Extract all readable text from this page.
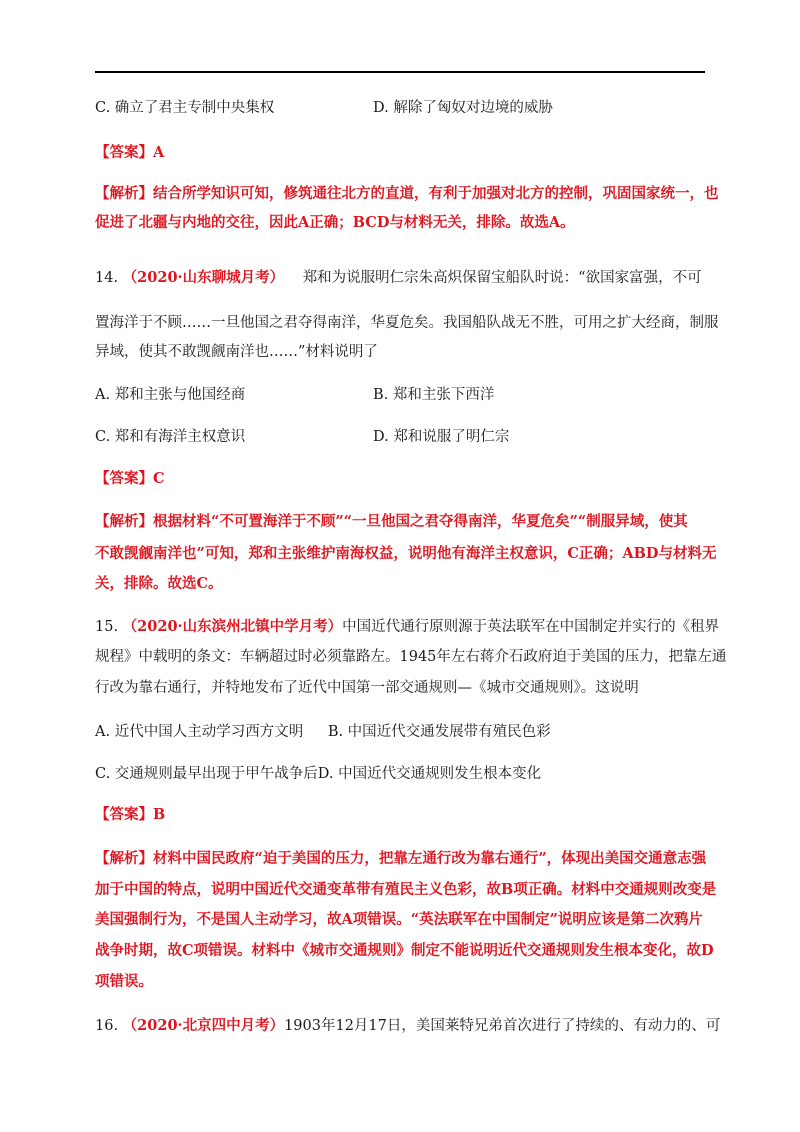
C. 确立了君主专制中央集权	D. 解除了匈奴对边境的威胁
【答案】A
【解析】结合所学知识可知，修筑通往北方的直道，有利于加强对北方的控制，巩固国家统一，也
促进了北疆与内地的交往，因此A正确；BCD与材料无关，排除。故选A。
14. （2020·山东聊城月考） 郑和为说服明仁宗朱高炽保留宝船队时说：“欲国家富强，不可
置海洋于不顾……一旦他国之君夺得南洋，华夏危矣。我国船队战无不胜，可用之扩大经商，制服
异域，使其不敢觊觎南洋也……”材料说明了
A. 郑和主张与他国经商	B. 郑和主张下西洋
C. 郑和有海洋主权意识	D. 郑和说服了明仁宗
【答案】C
【解析】根据材料“不可置海洋于不顾”“一旦他国之君夺得南洋，华夏危矣”“制服异域，使其
不敢觊觎南洋也”可知，郑和主张维护南海权益，说明他有海洋主权意识，C正确；ABD与材料无
关，排除。故选C。
15. （2020·山东滨州北镇中学月考）中国近代通行原则源于英法联军在中国制定并实行的《租界
规程》中载明的条文：车辆超过时必须靠路左。1945年左右蒋介石政府迫于美国的压力，把靠左通
行改为靠右通行，并特地发布了近代中国第一部交通规则—《城市交通规则》。这说明
A. 近代中国人主动学习西方文明 B. 中国近代交通发展带有殖民色彩
C. 交通规则最早出现于甲午战争后D. 中国近代交通规则发生根本变化
【答案】B
【解析】材料中国民政府“迫于美国的压力，把靠左通行改为靠右通行”，体现出美国交通意志强
加于中国的特点，说明中国近代交通变革带有殖民主义色彩，故B项正确。材料中交通规则改变是
美国强制行为，不是国人主动学习，故A项错误。“英法联军在中国制定”说明应该是第二次鸦片
战争时期，故C项错误。材料中《城市交通规则》制定不能说明近代交通规则发生根本变化，故D
项错误。
16. （2020·北京四中月考）1903年12月17日，美国莱特兄弟首次进行了持续的、有动力的、可
